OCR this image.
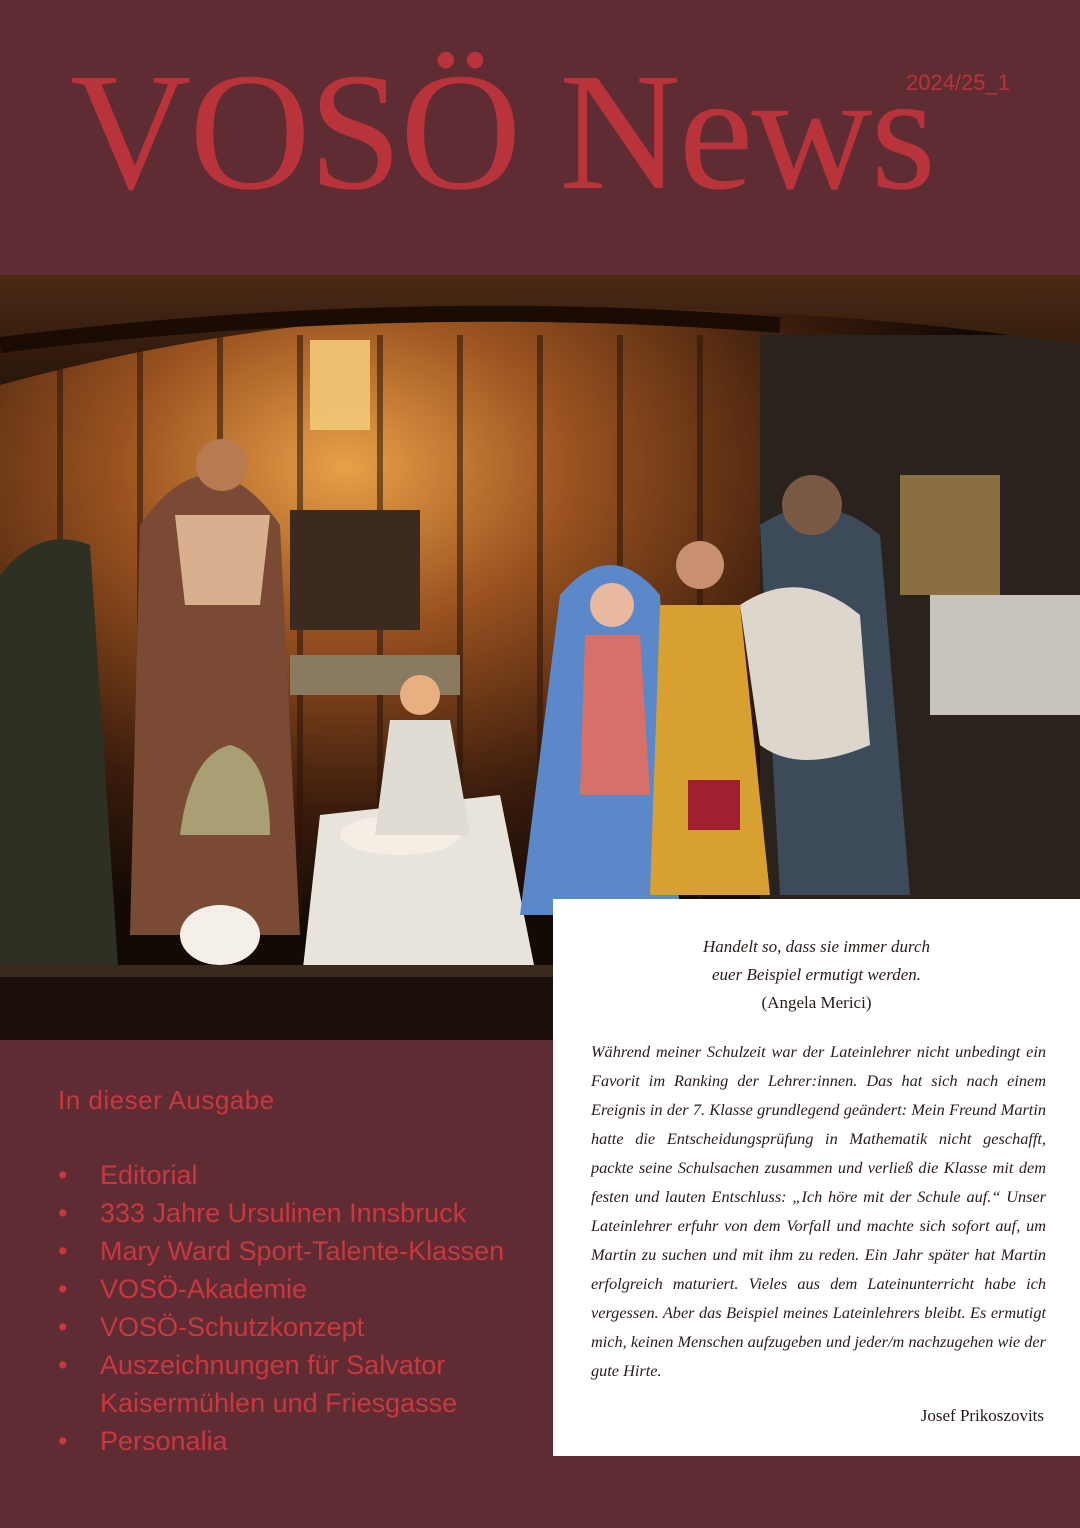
VOSÖ News
2024/25_1
In dieser Ausgabe
• Editorial
• 333 Jahre Ursulinen Innsbruck
• Mary Ward Sport-Talente-Klassen
• VOSÖ-Akademie
• VOSÖ-Schutzkonzept
• Auszeichnungen für Salvator Kaisermühlen und Friesgasse
• Personalia
Handelt so, dass sie immer durch
euer Beispiel ermutigt werden.
(Angela Merici)
Während meiner Schulzeit war der Lateinlehrer nicht unbedingt ein Favorit im Ranking der Lehrer:innen. Das hat sich nach einem Ereignis in der 7. Klasse grundlegend geändert: Mein Freund Martin hatte die Entscheidungsprüfung in Mathematik nicht geschafft, packte seine Schulsachen zusammen und verließ die Klasse mit dem festen und lauten Entschluss: „Ich höre mit der Schule auf.“ Unser Lateinlehrer erfuhr von dem Vorfall und machte sich sofort auf, um Martin zu suchen und mit ihm zu reden. Ein Jahr später hat Martin erfolgreich maturiert. Vieles aus dem Lateinunterricht habe ich vergessen. Aber das Beispiel meines Lateinlehrers bleibt. Es ermutigt mich, keinen Menschen aufzugeben und jeder/m nachzugehen wie der gute Hirte.
Josef Prikoszovits
